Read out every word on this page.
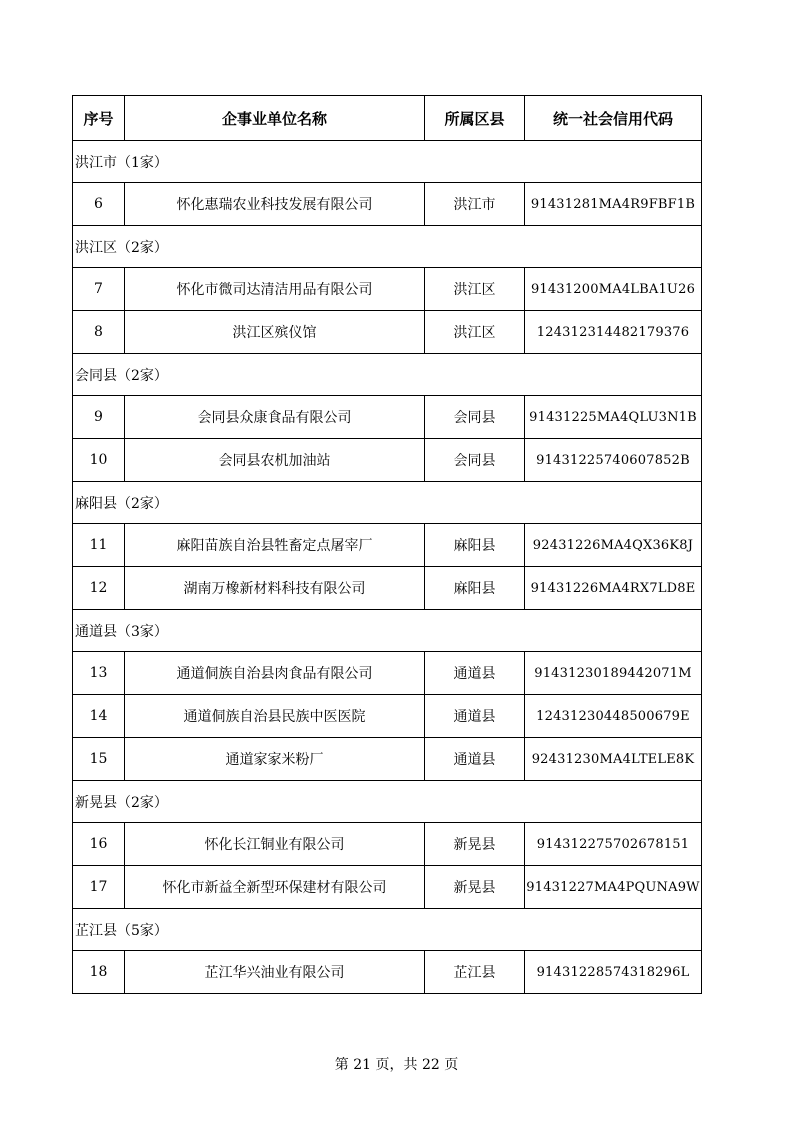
序号	企事业单位名称	所属区县	统一社会信用代码
洪江市（1家）			
6	怀化惠瑞农业科技发展有限公司	洪江市	91431281MA4R9FBF1B
洪江区（2家）			
7	怀化市微司达清洁用品有限公司	洪江区	91431200MA4LBA1U26
8	洪江区殡仪馆	洪江区	124312314482179376
会同县（2家）			
9	会同县众康食品有限公司	会同县	91431225MA4QLU3N1B
10	会同县农机加油站	会同县	91431225740607852B
麻阳县（2家）			
11	麻阳苗族自治县牲畜定点屠宰厂	麻阳县	92431226MA4QX36K8J
12	湖南万橡新材料科技有限公司	麻阳县	91431226MA4RX7LD8E
通道县（3家）			
13	通道侗族自治县肉食品有限公司	通道县	91431230189442071M
14	通道侗族自治县民族中医医院	通道县	12431230448500679E
15	通道家家米粉厂	通道县	92431230MA4LTELE8K
新晃县（2家）			
16	怀化长江铜业有限公司	新晃县	914312275702678151
17	怀化市新益全新型环保建材有限公司	新晃县	91431227MA4PQUNA9W
芷江县（5家）			
18	芷江华兴油业有限公司	芷江县	91431228574318296L
第 21 页，共 22 页
